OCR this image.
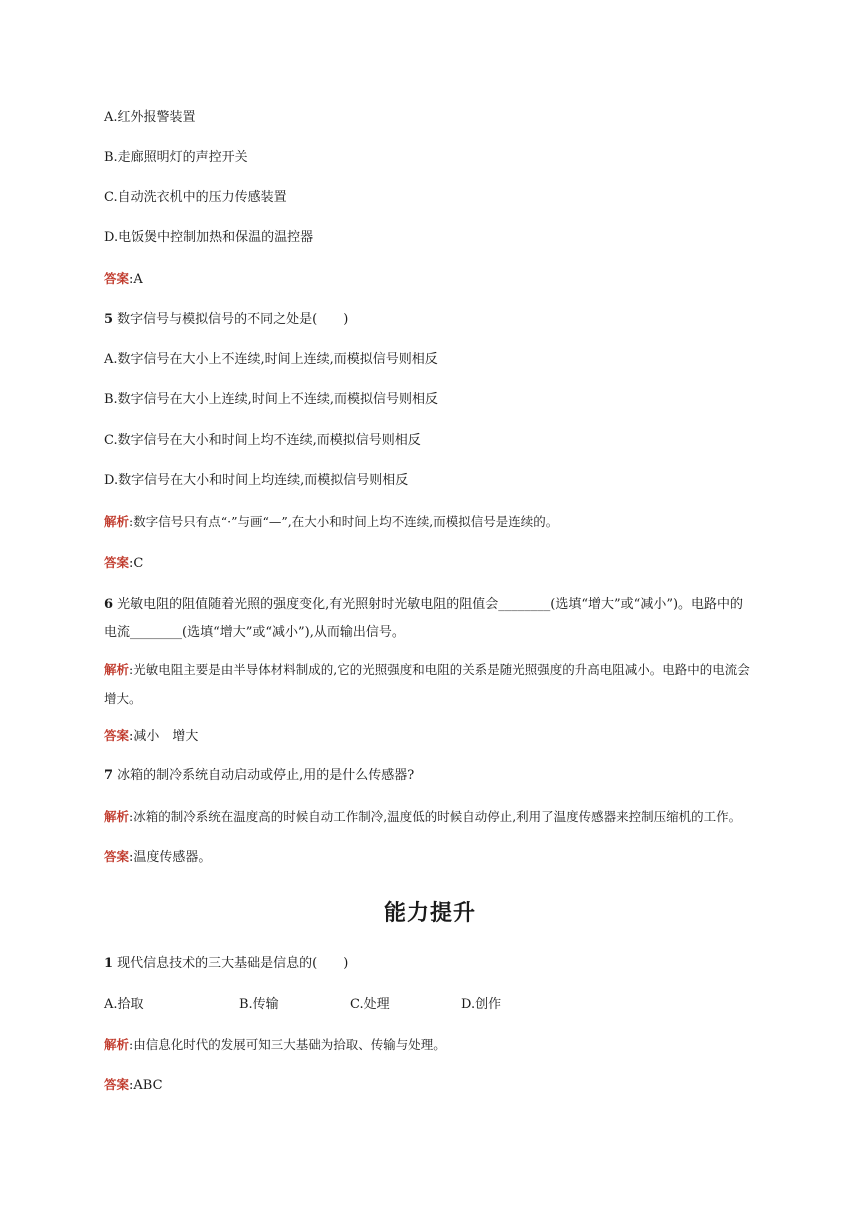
A.红外报警装置
B.走廊照明灯的声控开关
C.自动洗衣机中的压力传感装置
D.电饭煲中控制加热和保温的温控器
答案:A
5 数字信号与模拟信号的不同之处是(　　)
A.数字信号在大小上不连续,时间上连续,而模拟信号则相反
B.数字信号在大小上连续,时间上不连续,而模拟信号则相反
C.数字信号在大小和时间上均不连续,而模拟信号则相反
D.数字信号在大小和时间上均连续,而模拟信号则相反
解析:数字信号只有点“·”与画“—”,在大小和时间上均不连续,而模拟信号是连续的。
答案:C
6 光敏电阻的阻值随着光照的强度变化,有光照射时光敏电阻的阻值会________(选填“增大”或“减小”)。电路中的电流________(选填“增大”或“减小”),从而输出信号。
解析:光敏电阻主要是由半导体材料制成的,它的光照强度和电阻的关系是随光照强度的升高电阻减小。电路中的电流会增大。
答案:减小　增大
7 冰箱的制冷系统自动启动或停止,用的是什么传感器?
解析:冰箱的制冷系统在温度高的时候自动工作制冷,温度低的时候自动停止,利用了温度传感器来控制压缩机的工作。
答案:温度传感器。
能力提升
1 现代信息技术的三大基础是信息的(　　)
A.拾取	B.传输	C.处理	D.创作
解析:由信息化时代的发展可知三大基础为拾取、传输与处理。
答案:ABC
